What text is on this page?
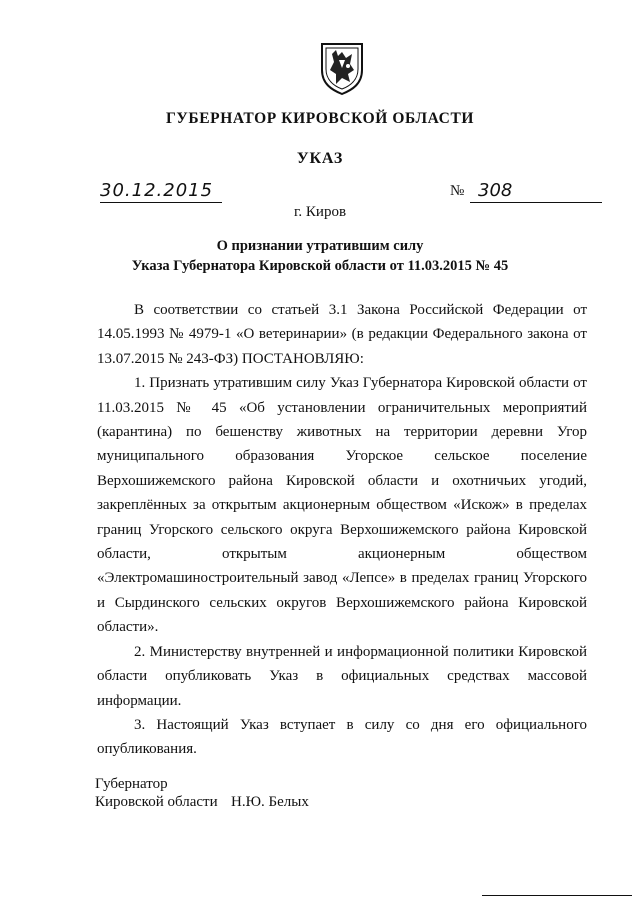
ГУБЕРНАТОР КИРОВСКОЙ ОБЛАСТИ
УКАЗ
30.12.2015	№ 308
г. Киров
О признании утратившим силу
Указа Губернатора Кировской области от 11.03.2015 № 45

В соответствии со статьей 3.1 Закона Российской Федерации от 14.05.1993 № 4979-1 «О ветеринарии» (в редакции Федерального закона от 13.07.2015 № 243-ФЗ) ПОСТАНОВЛЯЮ:

1. Признать утратившим силу Указ Губернатора Кировской области от 11.03.2015 № 45 «Об установлении ограничительных мероприятий (карантина) по бешенству животных на территории деревни Угор муниципального образования Угорское сельское поселение Верхошижемского района Кировской области и охотничьих угодий, закреплённых за открытым акционерным обществом «Искож» в пределах границ Угорского сельского округа Верхошижемского района Кировской области, открытым акционерным обществом «Электромашиностроительный завод «Лепсе» в пределах границ Угорского и Сырдинского сельских округов Верхошижемского района Кировской области».

2. Министерству внутренней и информационной политики Кировской области опубликовать Указ в официальных средствах массовой информации.

3. Настоящий Указ вступает в силу со дня его официального опубликования.

Губернатор
Кировской области Н.Ю. Белых
